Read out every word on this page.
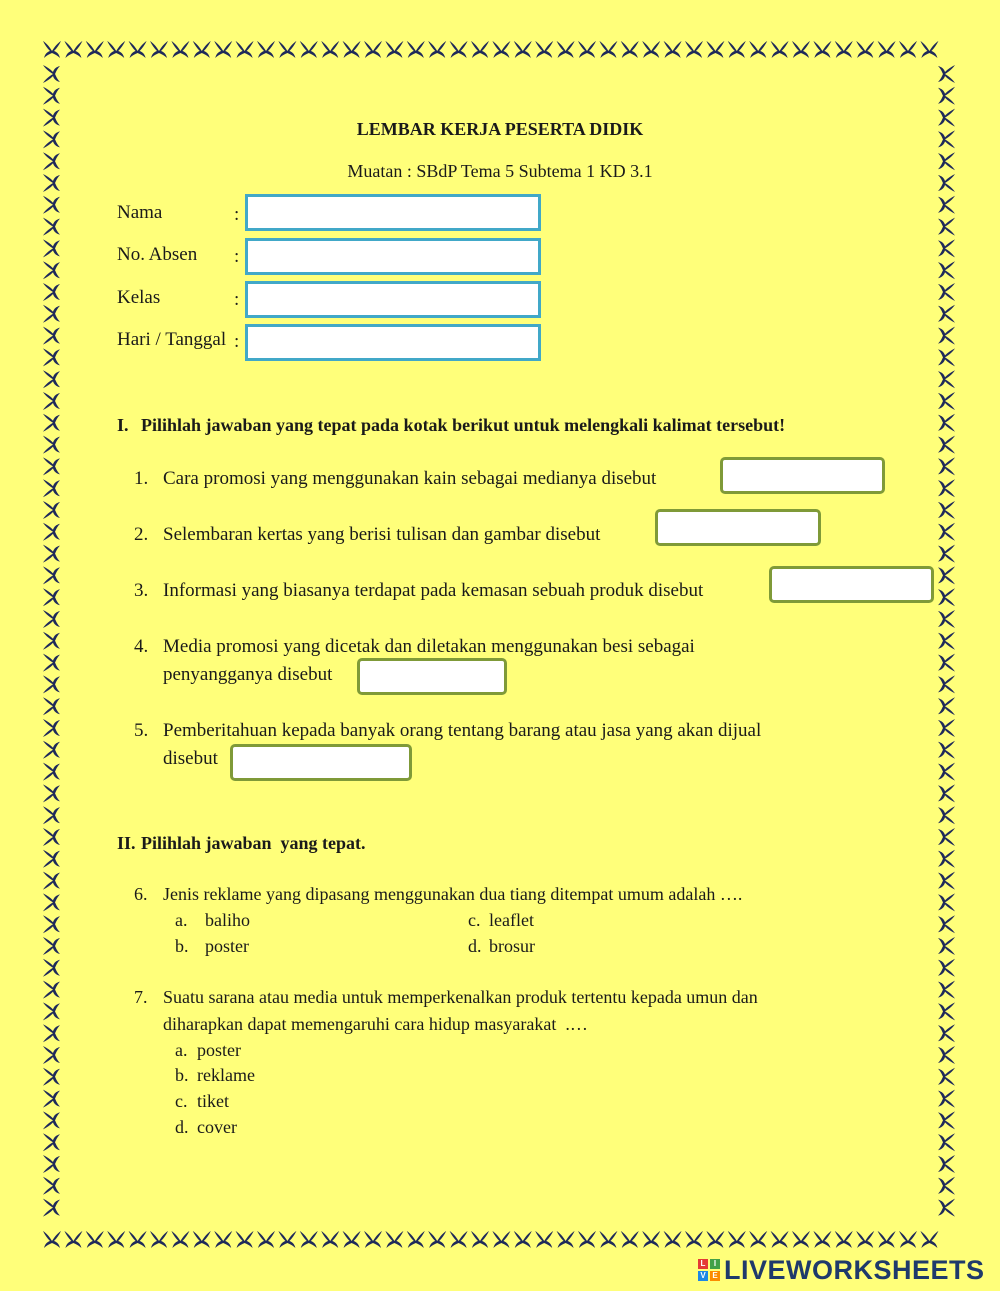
LEMBAR KERJA PESERTA DIDIK
Muatan : SBdP Tema 5 Subtema 1 KD 3.1
Nama	:
No. Absen :
Kelas	:
Hari / Tanggal :
I. Pilihlah jawaban yang tepat pada kotak berikut untuk melengkali kalimat tersebut!
1. Cara promosi yang menggunakan kain sebagai medianya disebut
2. Selembaran kertas yang berisi tulisan dan gambar disebut
3. Informasi yang biasanya terdapat pada kemasan sebuah produk disebut
4. Media promosi yang dicetak dan diletakan menggunakan besi sebagai
penyangganya disebut
5. Pemberitahuan kepada banyak orang tentang barang atau jasa yang akan dijual
disebut
II. Pilihlah jawaban  yang tepat.
6. Jenis reklame yang dipasang menggunakan dua tiang ditempat umum adalah ….
a. baliho
b. poster
c. leaflet
d. brosur
7. Suatu sarana atau media untuk memperkenalkan produk tertentu kepada umun dan
diharapkan dapat memengaruhi cara hidup masyarakat  .…
a. poster
b. reklame
c. tiket
d. cover
L	I
V E LIVEWORKSHEETS
